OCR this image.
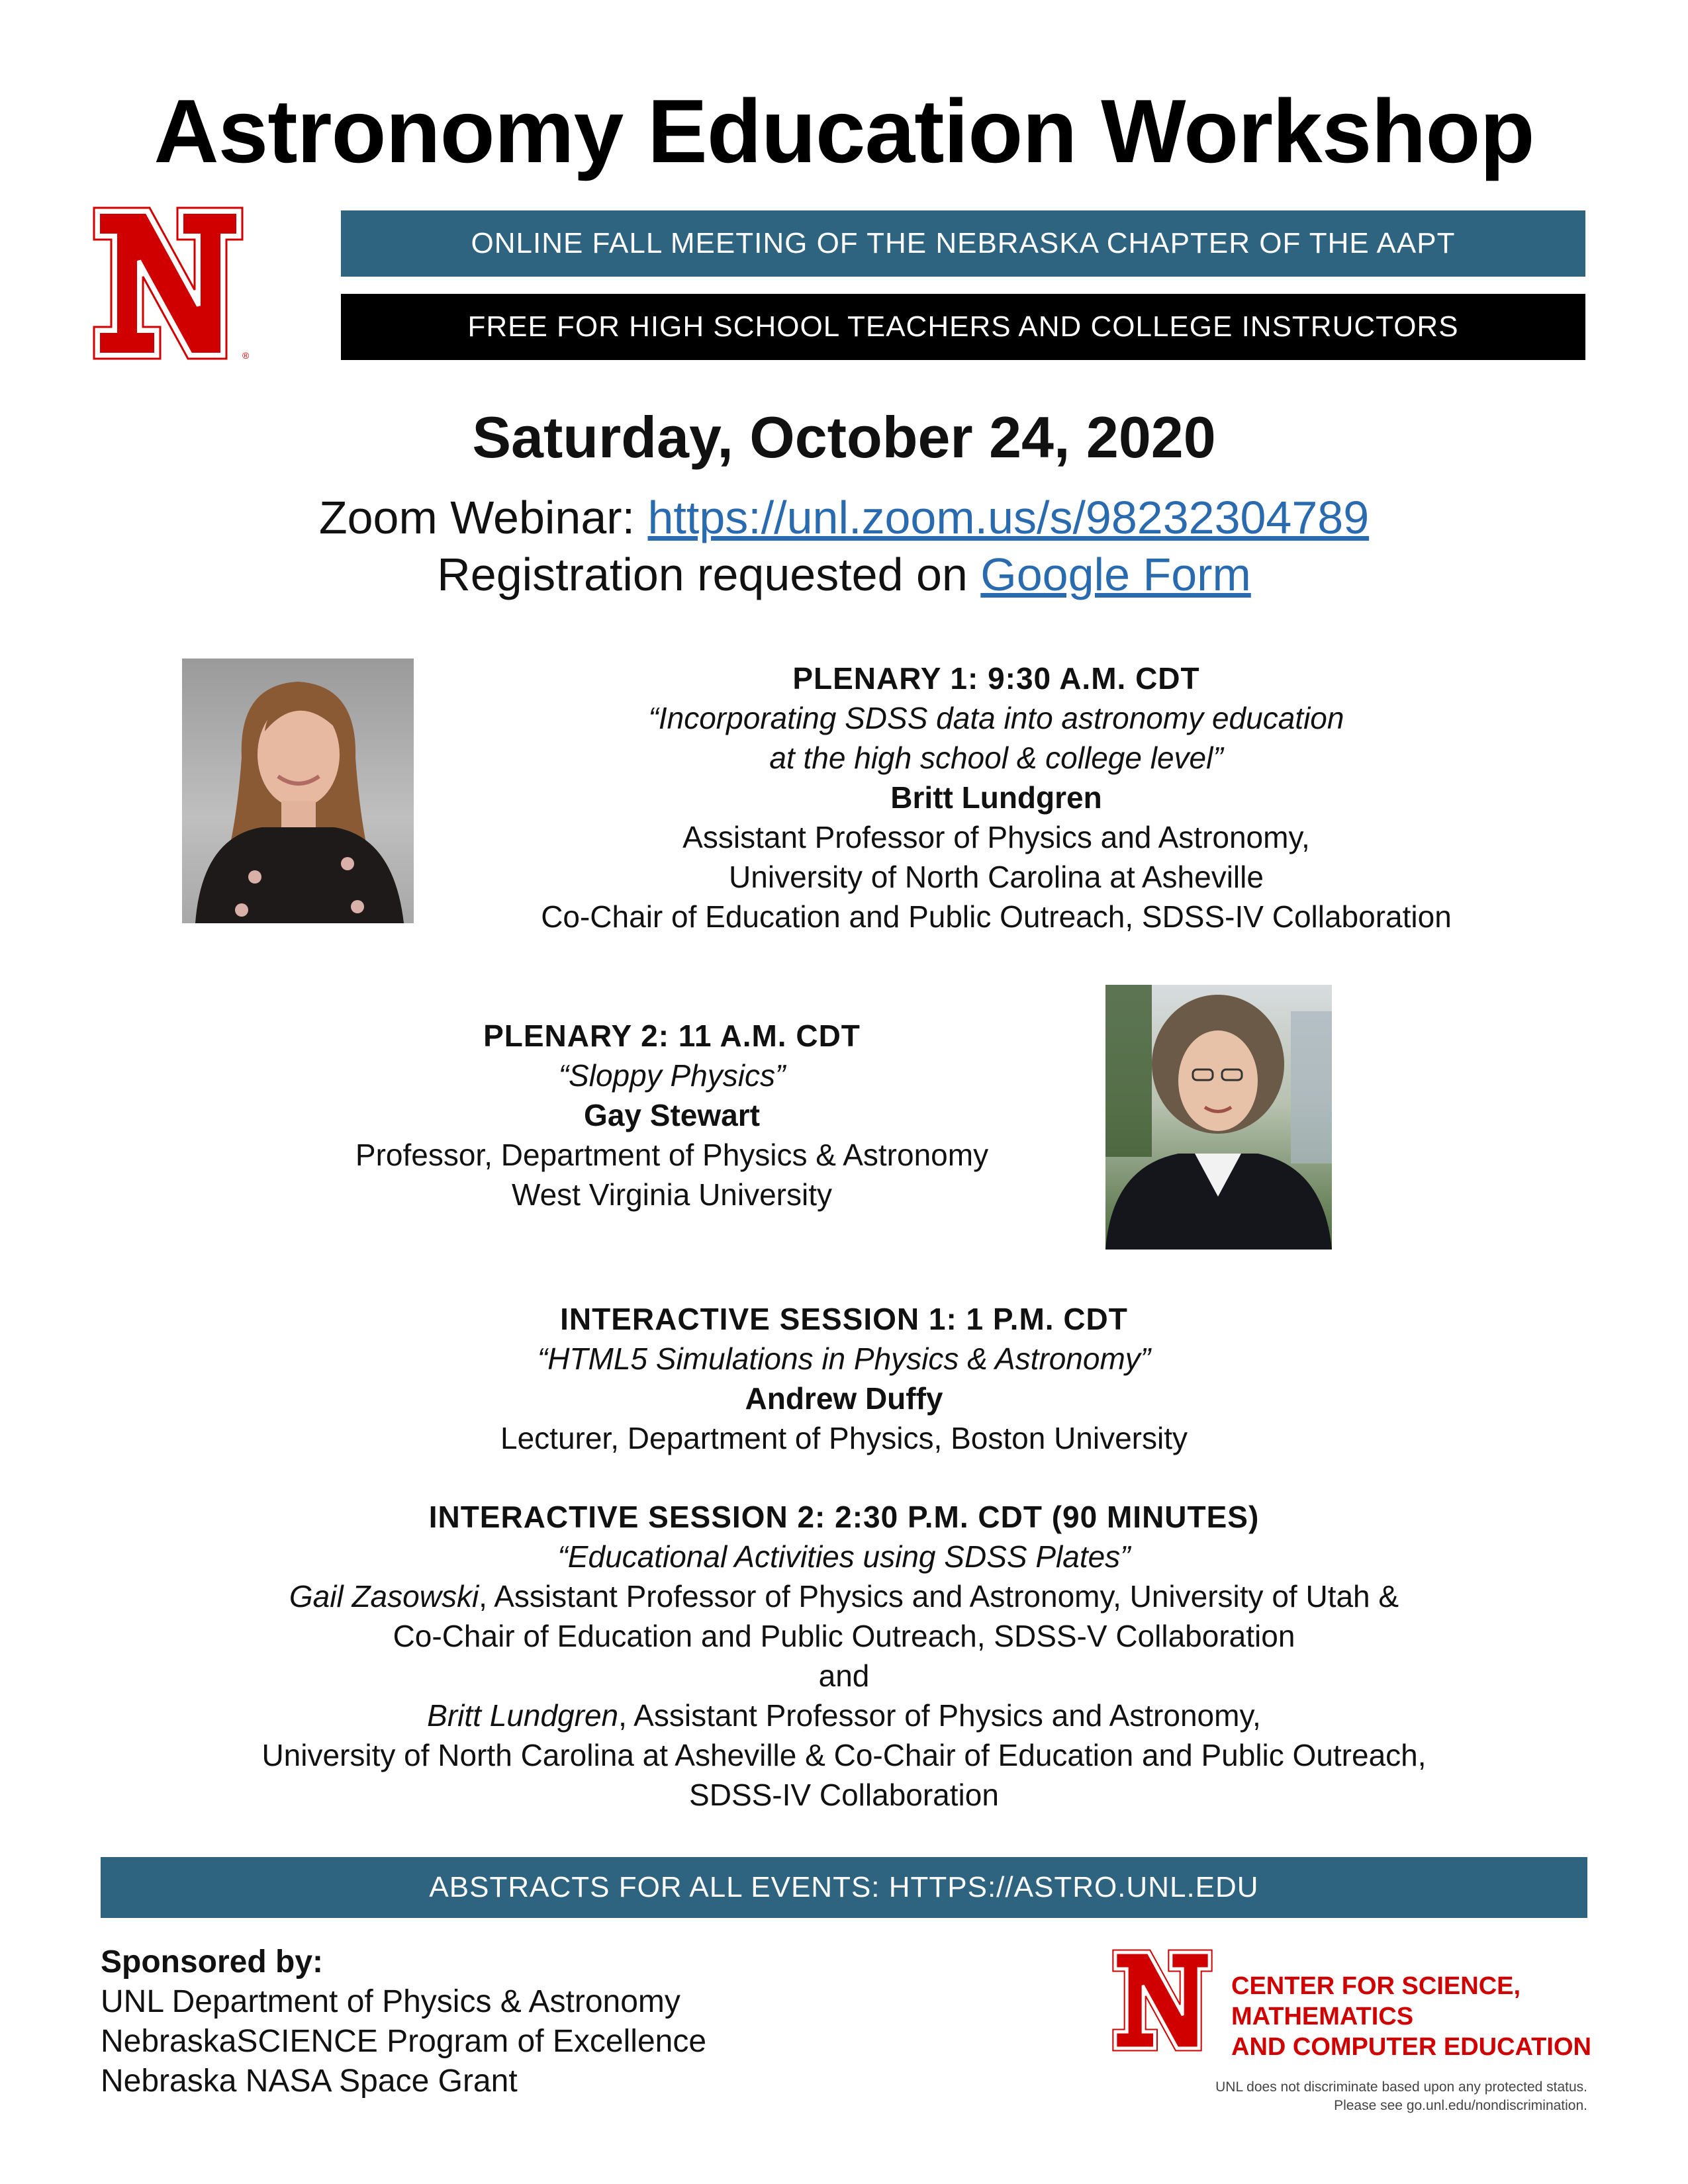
Astronomy Education Workshop
®
ONLINE FALL MEETING OF THE NEBRASKA CHAPTER OF THE AAPT
FREE FOR HIGH SCHOOL TEACHERS AND COLLEGE INSTRUCTORS
Saturday, October 24, 2020
Zoom Webinar: https://unl.zoom.us/s/98232304789
Registration requested on Google Form
PLENARY 1: 9:30 A.M. CDT
“Incorporating SDSS data into astronomy education
at the high school & college level”
Britt Lundgren
Assistant Professor of Physics and Astronomy,
University of North Carolina at Asheville
Co-Chair of Education and Public Outreach, SDSS-IV Collaboration
PLENARY 2: 11 A.M. CDT
“Sloppy Physics”
Gay Stewart
Professor, Department of Physics & Astronomy
West Virginia University
INTERACTIVE SESSION 1: 1 P.M. CDT
“HTML5 Simulations in Physics & Astronomy”
Andrew Duffy
Lecturer, Department of Physics, Boston University
INTERACTIVE SESSION 2: 2:30 P.M. CDT (90 MINUTES)
“Educational Activities using SDSS Plates”
Gail Zasowski, Assistant Professor of Physics and Astronomy, University of Utah &
Co-Chair of Education and Public Outreach, SDSS-V Collaboration
and
Britt Lundgren, Assistant Professor of Physics and Astronomy,
University of North Carolina at Asheville & Co-Chair of Education and Public Outreach,
SDSS-IV Collaboration
ABSTRACTS FOR ALL EVENTS: HTTPS://ASTRO.UNL.EDU
Sponsored by:
UNL Department of Physics & Astronomy
NebraskaSCIENCE Program of Excellence
Nebraska NASA Space Grant
CENTER FOR SCIENCE, MATHEMATICS
AND COMPUTER EDUCATION
UNL does not discriminate based upon any protected status.
Please see go.unl.edu/nondiscrimination.
